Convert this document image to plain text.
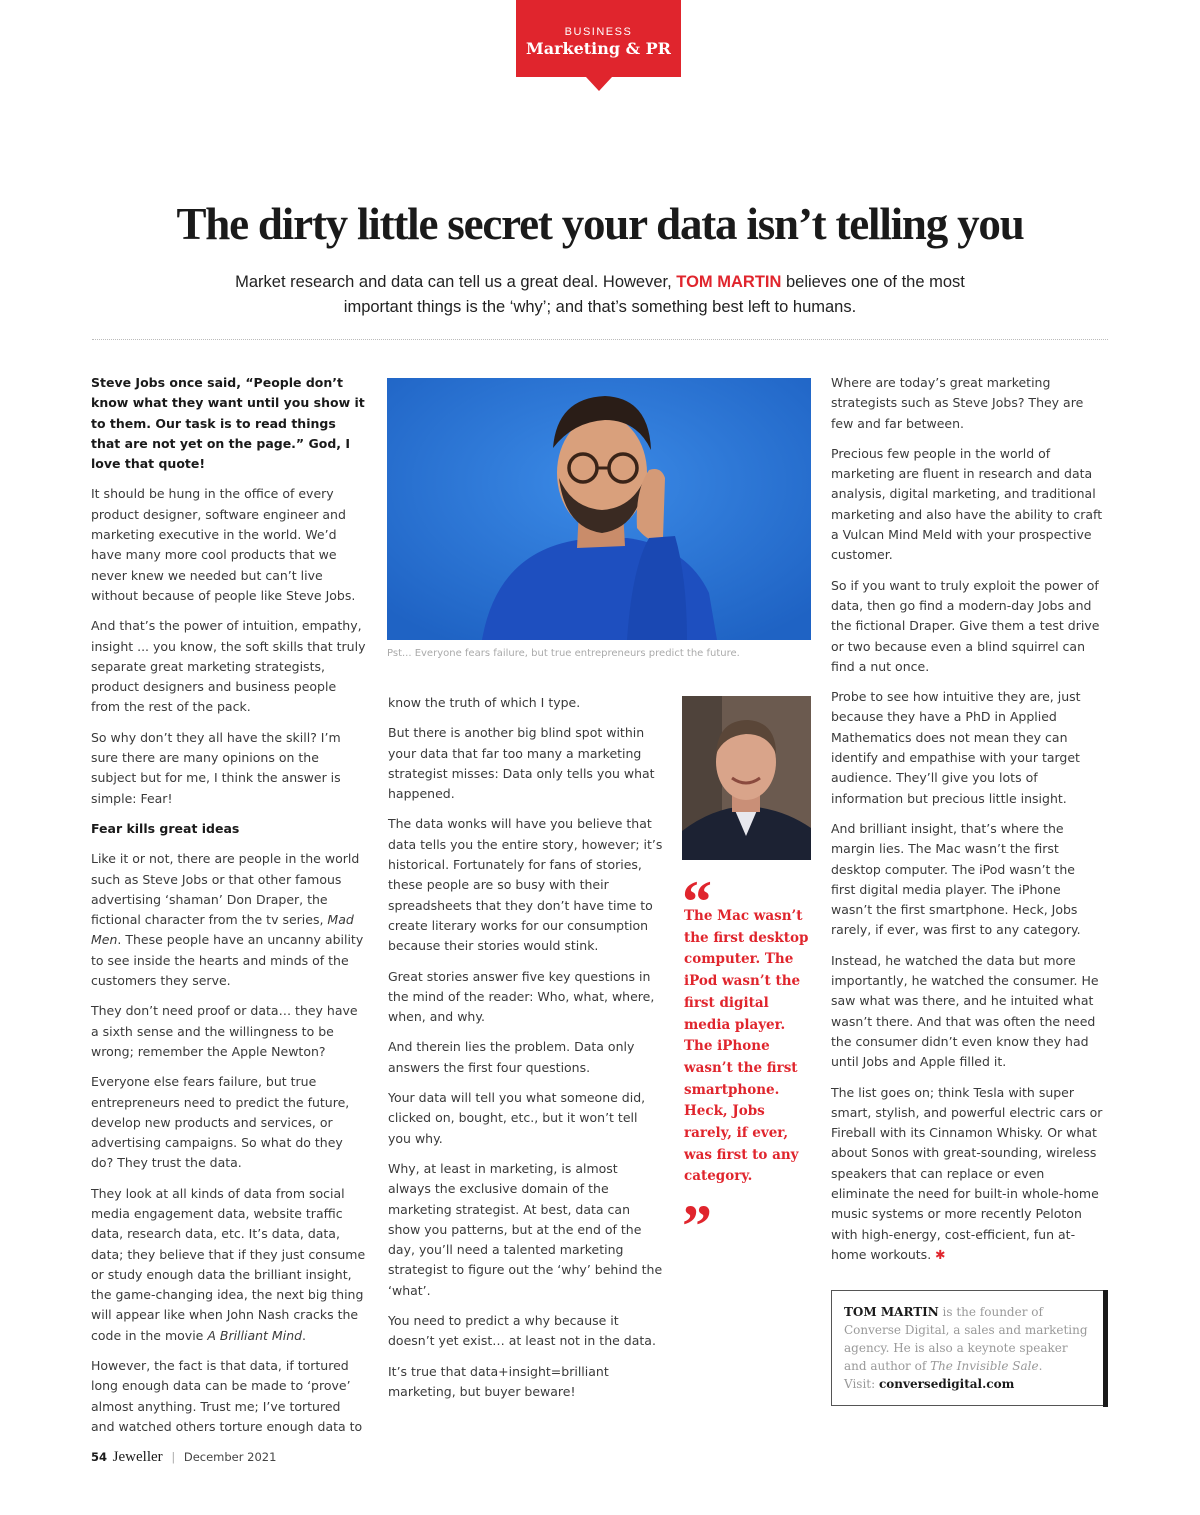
BUSINESS
Marketing & PR
The dirty little secret your data isn’t telling you

Market research and data can tell us a great deal. However, TOM MARTIN believes one of the most important things is the ‘why’; and that’s something best left to humans.

Steve Jobs once said, “People don’t know what they want until you show it to them. Our task is to read things that are not yet on the page.” God, I love that quote!

It should be hung in the office of every product designer, software engineer and marketing executive in the world. We’d have many more cool products that we never knew we needed but can’t live without because of people like Steve Jobs.

And that’s the power of intuition, empathy, insight ... you know, the soft skills that truly separate great marketing strategists, product designers and business people from the rest of the pack.

So why don’t they all have the skill? I’m sure there are many opinions on the subject but for me, I think the answer is simple: Fear!

Fear kills great ideas

Like it or not, there are people in the world such as Steve Jobs or that other famous advertising ‘shaman’ Don Draper, the fictional character from the tv series, Mad Men. These people have an uncanny ability to see inside the hearts and minds of the customers they serve.

They don’t need proof or data… they have a sixth sense and the willingness to be wrong; remember the Apple Newton?

Everyone else fears failure, but true entrepreneurs need to predict the future, develop new products and services, or advertising campaigns. So what do they do? They trust the data.

They look at all kinds of data from social media engagement data, website traffic data, research data, etc. It’s data, data, data; they believe that if they just consume or study enough data the brilliant insight, the game-changing idea, the next big thing will appear like when John Nash cracks the code in the movie A Brilliant Mind.

However, the fact is that data, if tortured long enough data can be made to ‘prove’ almost anything. Trust me; I’ve tortured and watched others torture enough data to

Pst... Everyone fears failure, but true entrepreneurs predict the future.

know the truth of which I type.

But there is another big blind spot within your data that far too many a marketing strategist misses: Data only tells you what happened.

The data wonks will have you believe that data tells you the entire story, however; it’s historical. Fortunately for fans of stories, these people are so busy with their spreadsheets that they don’t have time to create literary works for our consumption because their stories would stink.

Great stories answer five key questions in the mind of the reader: Who, what, where, when, and why.

And therein lies the problem. Data only answers the first four questions.

Your data will tell you what someone did, clicked on, bought, etc., but it won’t tell you why.

Why, at least in marketing, is almost always the exclusive domain of the marketing strategist. At best, data can show you patterns, but at the end of the day, you’ll need a talented marketing strategist to figure out the ‘why’ behind the ‘what’.

You need to predict a why because it doesn’t yet exist… at least not in the data.

It’s true that data+insight=brilliant marketing, but buyer beware!

“

The Mac wasn’t the first desktop computer. The iPod wasn’t the first digital media player. The iPhone wasn’t the first smartphone. Heck, Jobs rarely, if ever, was first to any category.

”

Where are today’s great marketing strategists such as Steve Jobs? They are few and far between.

Precious few people in the world of marketing are fluent in research and data analysis, digital marketing, and traditional marketing and also have the ability to craft a Vulcan Mind Meld with your prospective customer.

So if you want to truly exploit the power of data, then go find a modern-day Jobs and the fictional Draper. Give them a test drive or two because even a blind squirrel can find a nut once.

Probe to see how intuitive they are, just because they have a PhD in Applied Mathematics does not mean they can identify and empathise with your target audience. They’ll give you lots of information but precious little insight.

And brilliant insight, that’s where the margin lies. The Mac wasn’t the first desktop computer. The iPod wasn’t the first digital media player. The iPhone wasn’t the first smartphone. Heck, Jobs rarely, if ever, was first to any category.

Instead, he watched the data but more importantly, he watched the consumer. He saw what was there, and he intuited what wasn’t there. And that was often the need the consumer didn’t even know they had until Jobs and Apple filled it.

The list goes on; think Tesla with super smart, stylish, and powerful electric cars or Fireball with its Cinnamon Whisky. Or what about Sonos with great-sounding, wireless speakers that can replace or even eliminate the need for built-in whole-home music systems or more recently Peloton with high-energy, cost-efficient, fun at-home workouts. ✱

TOM MARTIN is the founder of Converse Digital, a sales and marketing agency. He is also a keynote speaker and author of The Invisible Sale.
Visit: conversedigital.com

54 Jeweller | December 2021
